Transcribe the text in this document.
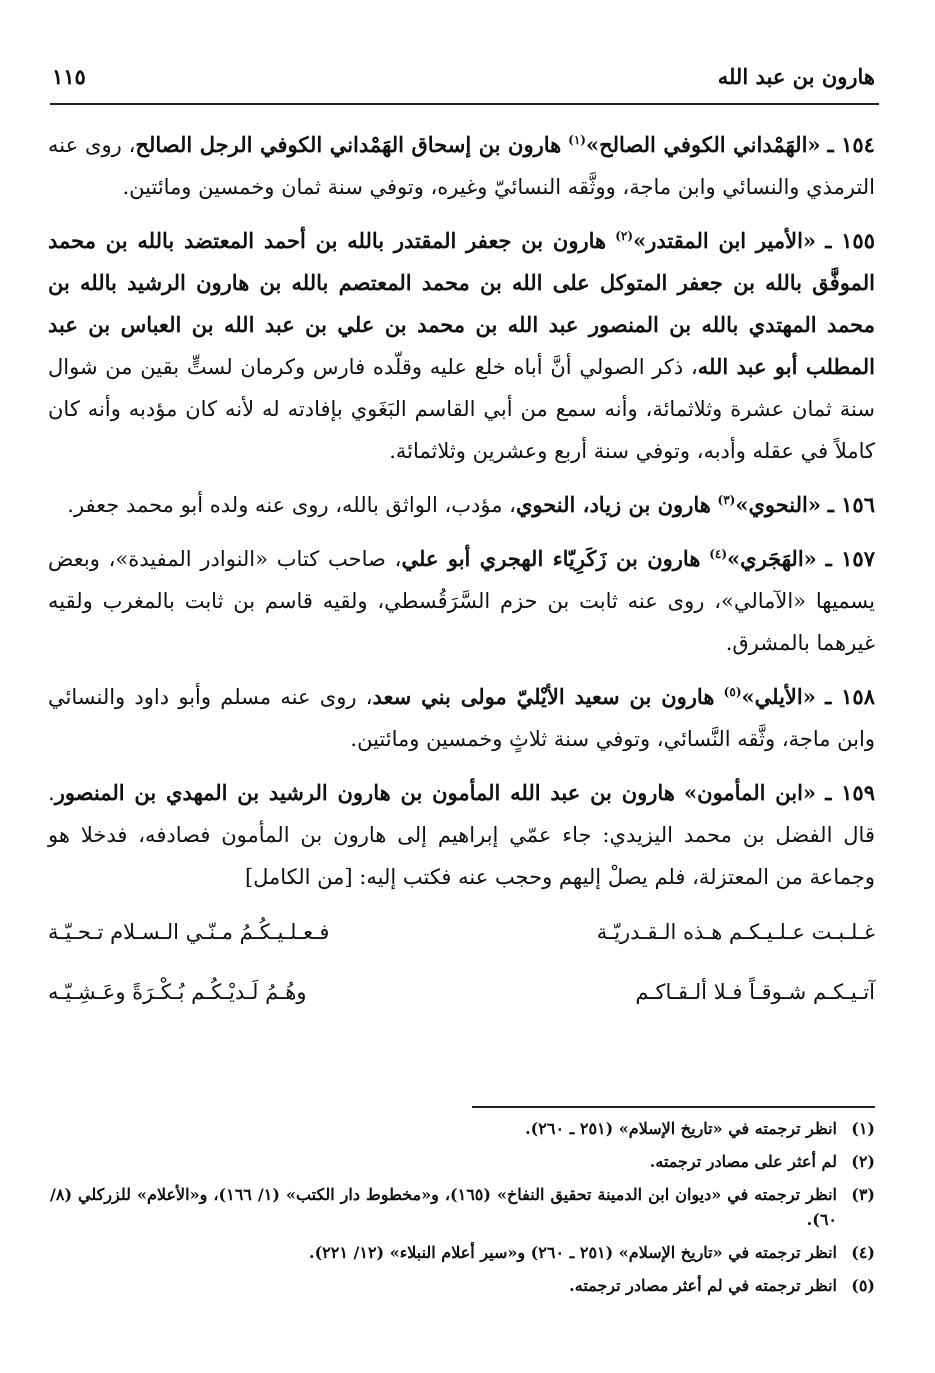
هارون بن عبد الله
١١٥

١٥٤ ـ «الهَمْداني الكوفي الصالح»$^{(١)}$ هارون بن إسحاق الهَمْداني الكوفي الرجل الصالح، روى عنه الترمذي والنسائي وابن ماجة، ووثَّقه النسائيّ وغيره، وتوفي سنة ثمان وخمسين ومائتين.

١٥٥ ـ «الأمير ابن المقتدر»$^{(٢)}$ هارون بن جعفر المقتدر بالله بن أحمد المعتضد بالله بن محمد الموفَّق بالله بن جعفر المتوكل على الله بن محمد المعتصم بالله بن هارون الرشيد بالله بن محمد المهتدي بالله بن المنصور عبد الله بن محمد بن علي بن عبد الله بن العباس بن عبد المطلب أبو عبد الله، ذكر الصولي أنَّ أباه خلع عليه وقلّده فارس وكرمان لستٍّ بقين من شوال سنة ثمان عشرة وثلاثمائة، وأنه سمع من أبي القاسم البَغَوي بإفادته له لأنه كان مؤدبه وأنه كان كاملاً في عقله وأدبه، وتوفي سنة أربع وعشرين وثلاثمائة.

١٥٦ ـ «النحوي»$^{(٣)}$ هارون بن زياد، النحوي، مؤدب، الواثق بالله، روى عنه ولده أبو محمد جعفر.

١٥٧ ـ «الهَجَري»$^{(٤)}$ هارون بن زَكَرِيّاء الهجري أبو علي، صاحب كتاب «النوادر المفيدة»، وبعض يسميها «الآمالي»، روى عنه ثابت بن حزم السَّرَقُسطي، ولقيه قاسم بن ثابت بالمغرب ولقيه غيرهما بالمشرق.

١٥٨ ـ «الأيلي»$^{(٥)}$ هارون بن سعيد الأيْليّ مولى بني سعد، روى عنه مسلم وأبو داود والنسائي وابن ماجة، وثَّقه النَّسائي، وتوفي سنة ثلاثٍ وخمسين ومائتين.

١٥٩ ـ «ابن المأمون» هارون بن عبد الله المأمون بن هارون الرشيد بن المهدي بن المنصور. قال الفضل بن محمد اليزيدي: جاء عمّي إبراهيم إلى هارون بن المأمون فصادفه، فدخلا هو وجماعة من المعتزلة، فلم يصلْ إليهم وحجب عنه فكتب إليه: [من الكامل]

غـلـبـت عـلـيـكـم هـذه الـقـدريّـة
فـعـلـيـكُـمُ مـنّـي الـسـلام تـحـيّـة
آتـيـكـم شـوقـاً فـلا ألـقـاكـم
وهُـمُ لَـديْـكُـم بُـكْـرَةً وعَـشِـيّـه
(١)
انظر ترجمته في «تاريخ الإسلام» (٢٥١ ـ ٢٦٠).
(٢)
لم أعثر على مصادر ترجمته.
(٣)
انظر ترجمته في «ديوان ابن الدمينة تحقيق النفاخ» (١٦٥)، و«مخطوط دار الكتب» (١/ ١٦٦)، و«الأعلام» للزركلي (٨/ ٦٠).
(٤)
انظر ترجمته في «تاريخ الإسلام» (٢٥١ ـ ٢٦٠) و«سير أعلام النبلاء» (١٢/ ٢٢١).
(٥)
انظر ترجمته في لم أعثر مصادر ترجمته.
